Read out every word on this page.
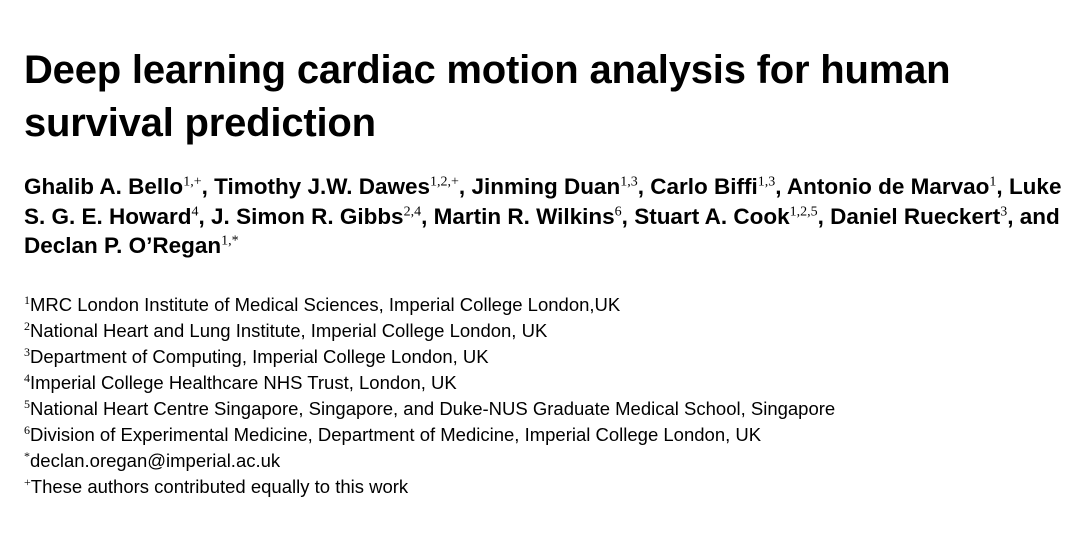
Deep learning cardiac motion analysis for human
survival prediction
Ghalib A. Bello$^{1,+}$, Timothy J.W. Dawes$^{1,2,+}$, Jinming Duan$^{1,3}$, Carlo Biffi$^{1,3}$, Antonio de Marvao$^1$, Luke S. G. E. Howard$^4$, J. Simon R. Gibbs$^{2,4}$, Martin R. Wilkins$^6$, Stuart A. Cook$^{1,2,5}$, Daniel Rueckert$^3$, and Declan P. O’Regan$^{1,*}$
$^1$MRC London Institute of Medical Sciences, Imperial College London,UK
$^2$National Heart and Lung Institute, Imperial College London, UK
$^3$Department of Computing, Imperial College London, UK
$^4$Imperial College Healthcare NHS Trust, London, UK
$^5$National Heart Centre Singapore, Singapore, and Duke-NUS Graduate Medical School, Singapore
$^6$Division of Experimental Medicine, Department of Medicine, Imperial College London, UK
*declan.oregan@imperial.ac.uk
+These authors contributed equally to this work
